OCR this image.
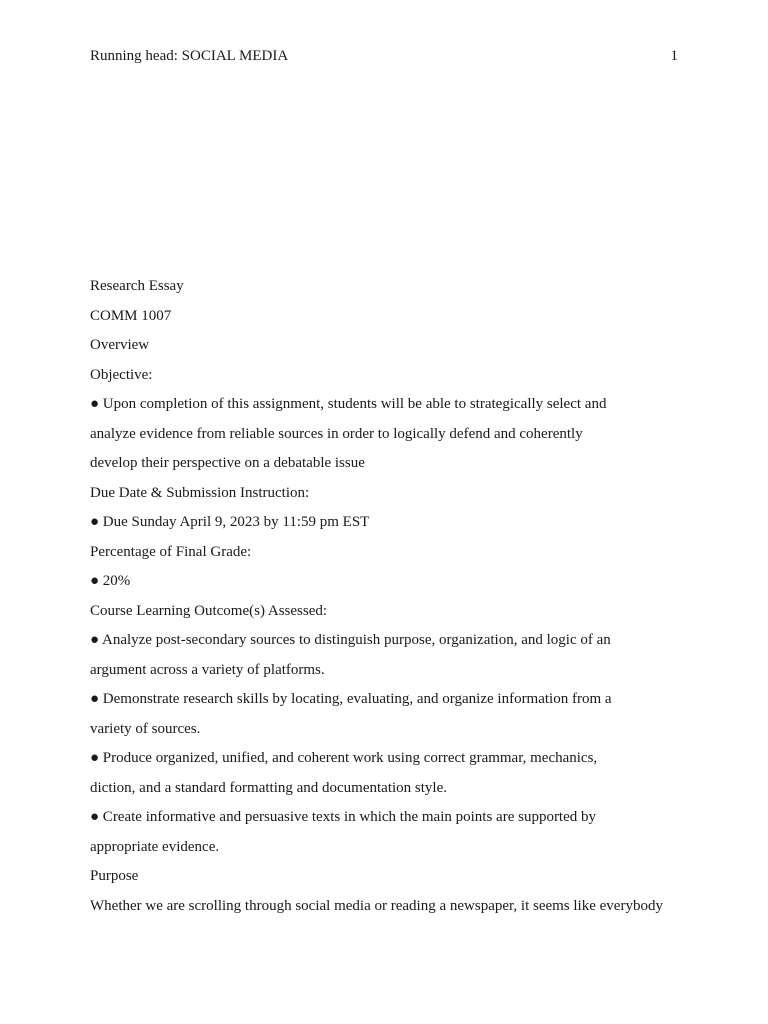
Running head: SOCIAL MEDIA	1
Research Essay
COMM 1007
Overview
Objective:
● Upon completion of this assignment, students will be able to strategically select and
analyze evidence from reliable sources in order to logically defend and coherently
develop their perspective on a debatable issue
Due Date & Submission Instruction:
● Due Sunday April 9, 2023 by 11:59 pm EST
Percentage of Final Grade:
● 20%
Course Learning Outcome(s) Assessed:
● Analyze post-secondary sources to distinguish purpose, organization, and logic of an
argument across a variety of platforms.
● Demonstrate research skills by locating, evaluating, and organize information from a
variety of sources.
● Produce organized, unified, and coherent work using correct grammar, mechanics,
diction, and a standard formatting and documentation style.
● Create informative and persuasive texts in which the main points are supported by
appropriate evidence.
Purpose
Whether we are scrolling through social media or reading a newspaper, it seems like everybody
